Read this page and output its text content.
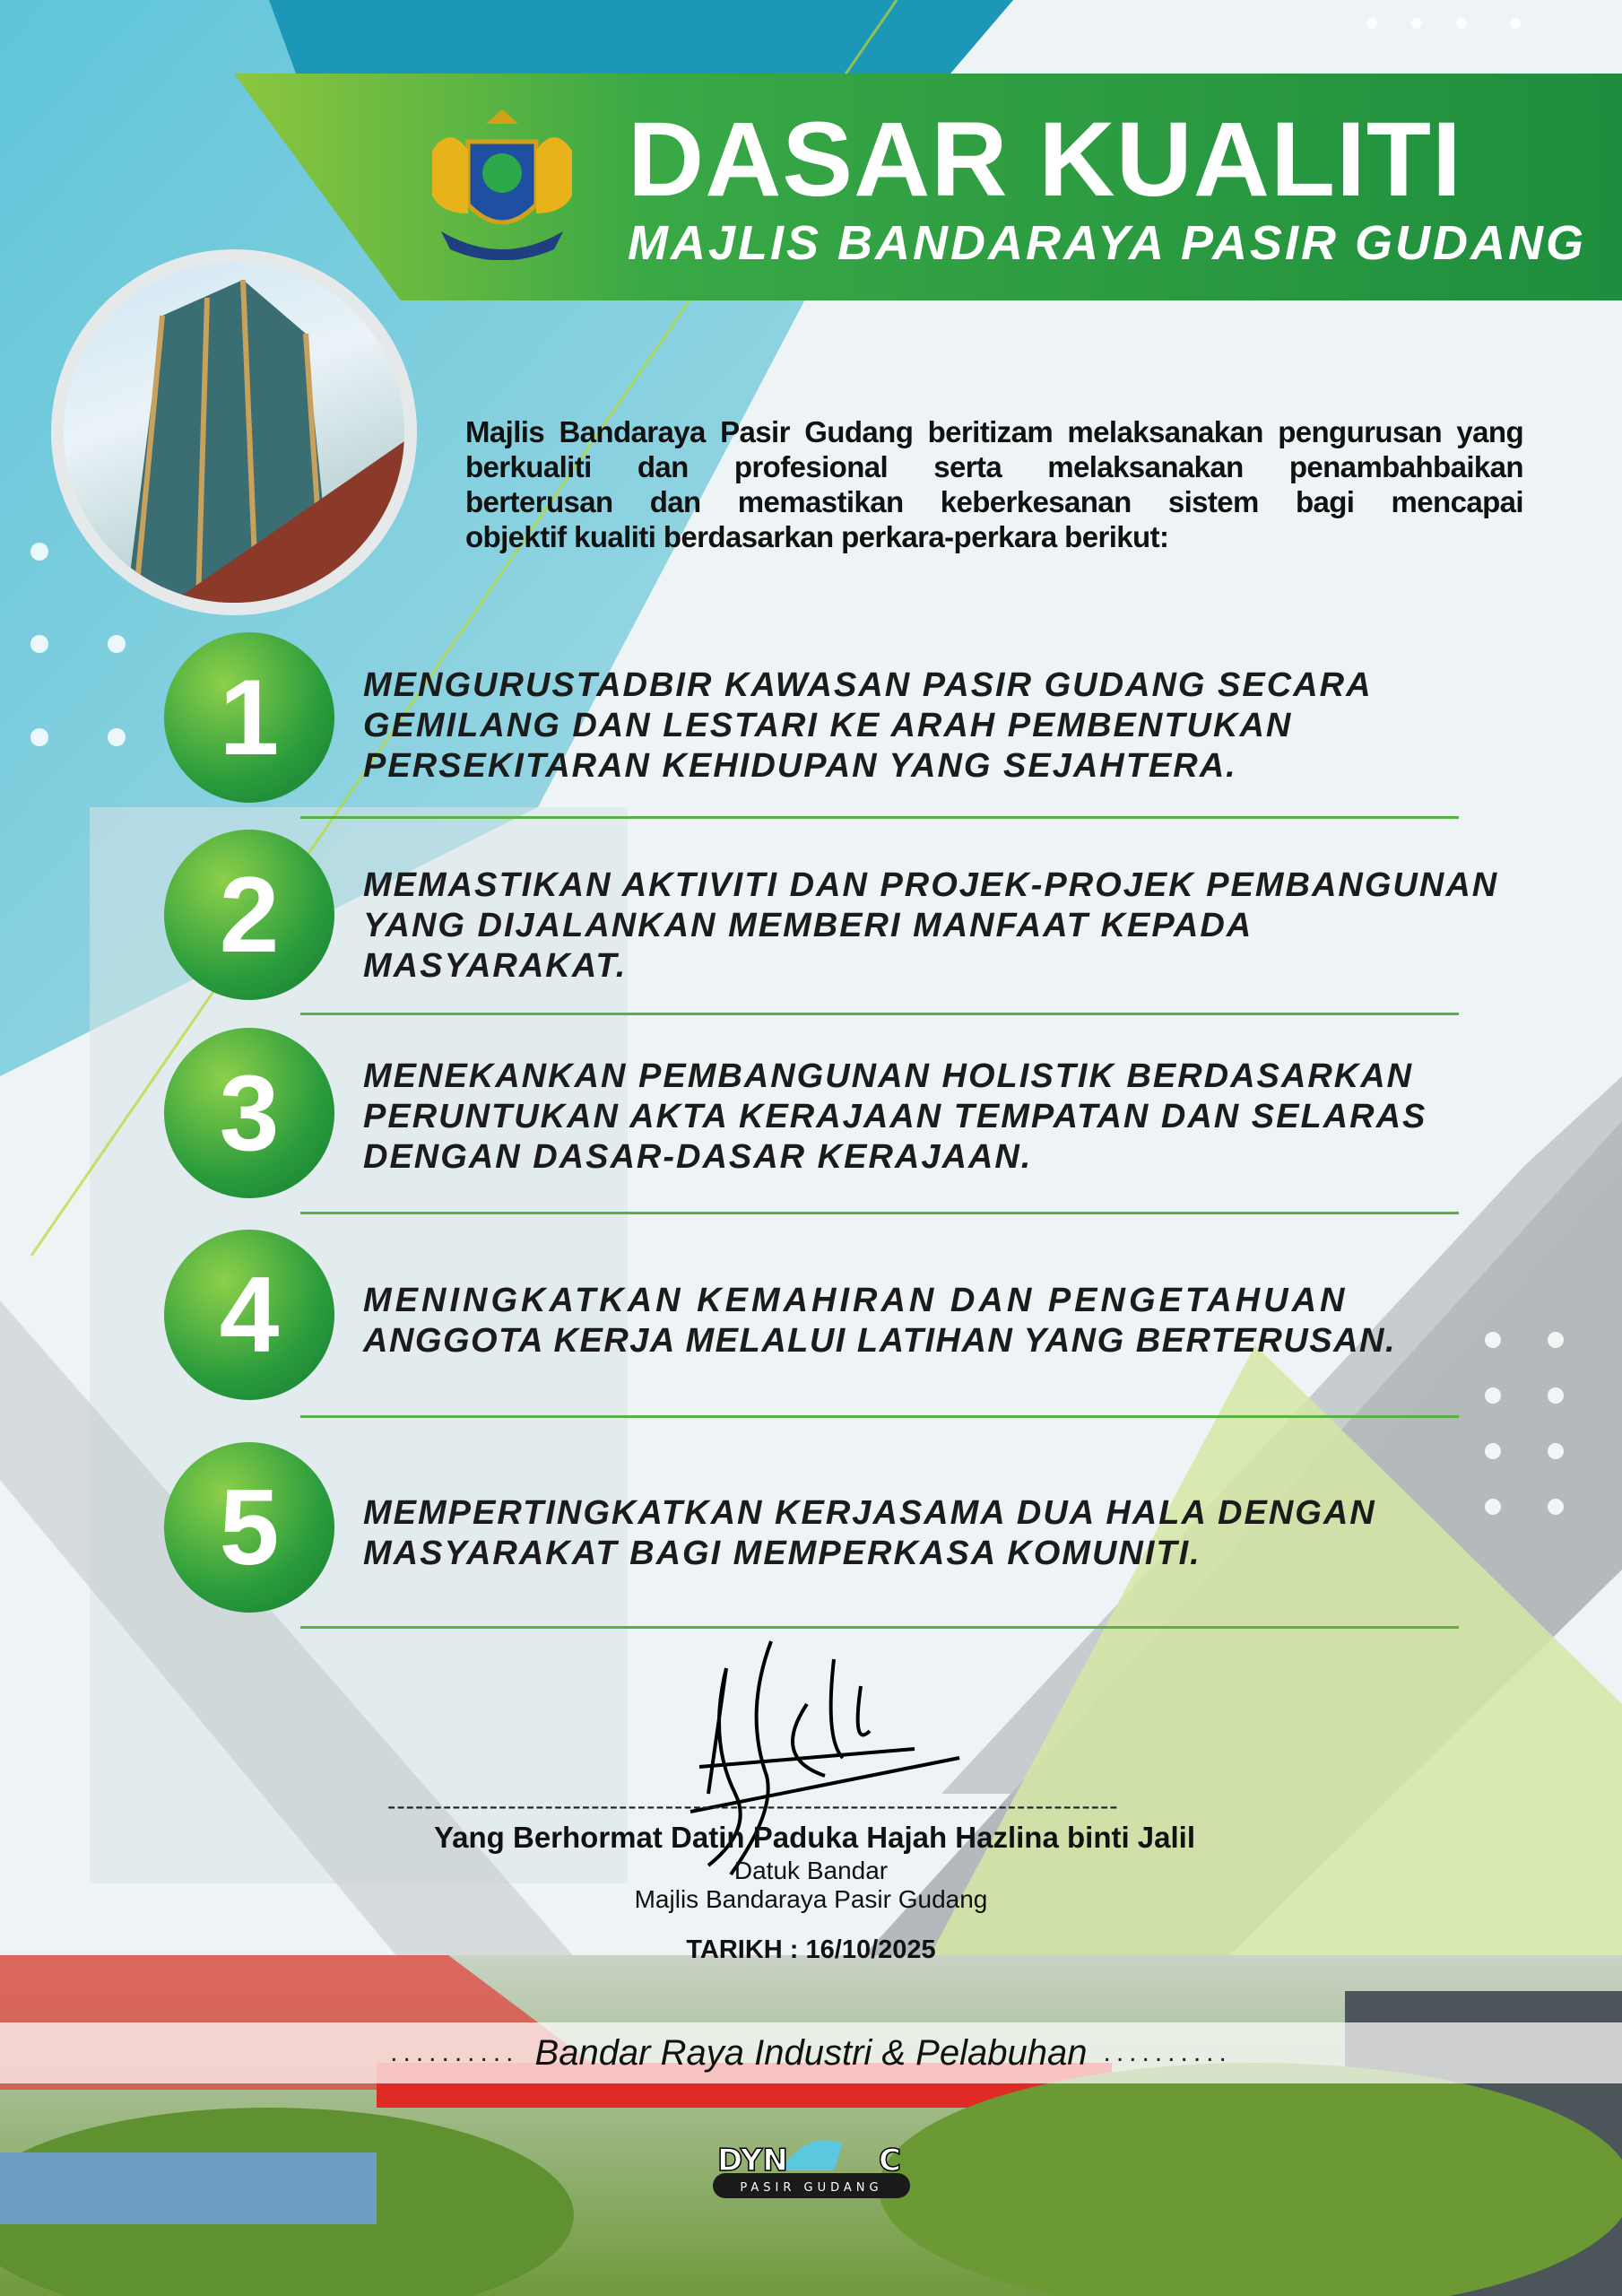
DASAR KUALITI
MAJLIS BANDARAYA PASIR GUDANG
Majlis Bandaraya Pasir Gudang beritizam melaksanakan pengurusan yang
berkualiti dan profesional serta melaksanakan penambahbaikan
berterusan dan memastikan keberkesanan sistem bagi mencapai
objektif kualiti berdasarkan perkara-perkara berikut:
1	MENGURUSTADBIR KAWASAN PASIR GUDANG SECARA
GEMILANG DAN LESTARI KE ARAH PEMBENTUKAN
PERSEKITARAN KEHIDUPAN YANG SEJAHTERA.
2	MEMASTIKAN AKTIVITI DAN PROJEK-PROJEK PEMBANGUNAN
YANG DIJALANKAN MEMBERI MANFAAT KEPADA
MASYARAKAT.
3	MENEKANKAN PEMBANGUNAN HOLISTIK BERDASARKAN
PERUNTUKAN AKTA KERAJAAN TEMPATAN DAN SELARAS
DENGAN DASAR-DASAR KERAJAAN.
4	MENINGKATKAN KEMAHIRAN DAN PENGETAHUAN
ANGGOTA KERJA MELALUI LATIHAN YANG BERTERUSAN.
5	MEMPERTINGKATKAN KERJASAMA DUA HALA DENGAN
MASYARAKAT BAGI MEMPERKASA KOMUNITI.
-------------------------------------------------------------------------------
Yang Berhormat Datin Paduka Hajah Hazlina binti Jalil
Datuk Bandar
Majlis Bandaraya Pasir Gudang
TARIKH : 16/10/2025
.......... Bandar Raya Industri & Pelabuhan ..........
DYN	C
PASIR GUDANG
